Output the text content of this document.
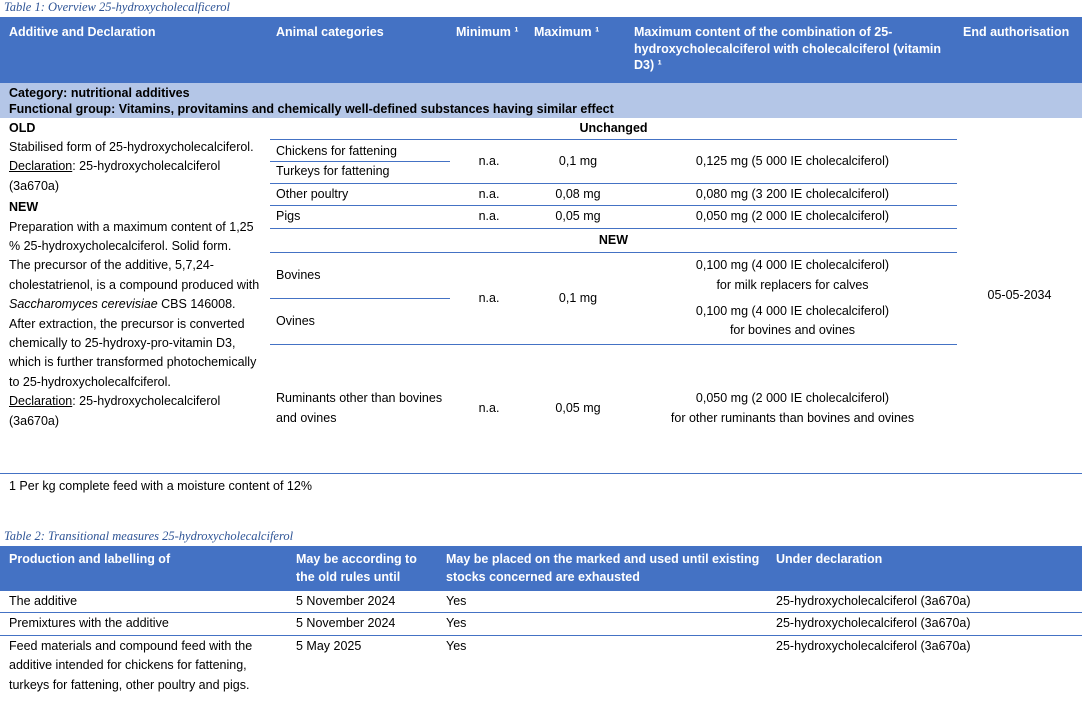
Table 1: Overview 25-hydroxycholecalficerol
Additive and Declaration	Animal categories	Minimum ¹	Maximum ¹	Maximum content of the combination of 25-hydroxycholecalciferol with cholecalciferol (vitamin D3) ¹	End authorisation

Category: nutritional additives
Functional group: Vitamins, provitamins and chemically well-defined substances having similar effect					

OLD
Stabilised form of 25-hydroxycholecalciferol.
Declaration: 25-hydroxycholecalciferol (3a670a)
NEW
Preparation with a maximum content of 1,25 % 25-hydroxycholecalciferol. Solid form.
The precursor of the additive, 5,7,24-cholestatrienol, is a compound produced with Saccharomyces cerevisiae CBS 146008. After extraction, the precursor is converted chemically to 25-hydroxy-pro-vitamin D3, which is further transformed photochemically to 25-hydroxycholecalfciferol.
Declaration: 25-hydroxycholecalciferol (3a670a)
	Unchanged	05-05-2034
	Chickens for fattening	n.a.	0,1 mg	0,125 mg (5 000 IE cholecalciferol)	
	Turkeys for fattening				
	Other poultry	n.a.	0,08 mg	0,080 mg (3 200 IE cholecalciferol)	
	Pigs	n.a.	0,05 mg	0,050 mg (2 000 IE cholecalciferol)	
	NEW				
	Bovines	n.a.	0,1 mg	0,100 mg (4 000 IE cholecalciferol)
for milk replacers for calves	

	Ovines			0,100 mg (4 000 IE cholecalciferol)
for bovines and ovines	

	Ruminants other than bovines and ovines	n.a.	0,05 mg	0,050 mg (2 000 IE cholecalciferol)
for other ruminants than bovines and ovines	

1 Per kg complete feed with a moisture content of 12%					
Table 2: Transitional measures 25-hydroxycholecalciferol
Production and labelling of	May be according to the old rules until	May be placed on the marked and used until existing stocks concerned are exhausted	Under declaration
The additive	5 November 2024	Yes	25-hydroxycholecalciferol (3a670a)
Premixtures with the additive	5 November 2024	Yes	25-hydroxycholecalciferol (3a670a)
Feed materials and compound feed with the additive intended for chickens for fattening, turkeys for fattening, other poultry and pigs.	5 May 2025	Yes	25-hydroxycholecalciferol (3a670a)
